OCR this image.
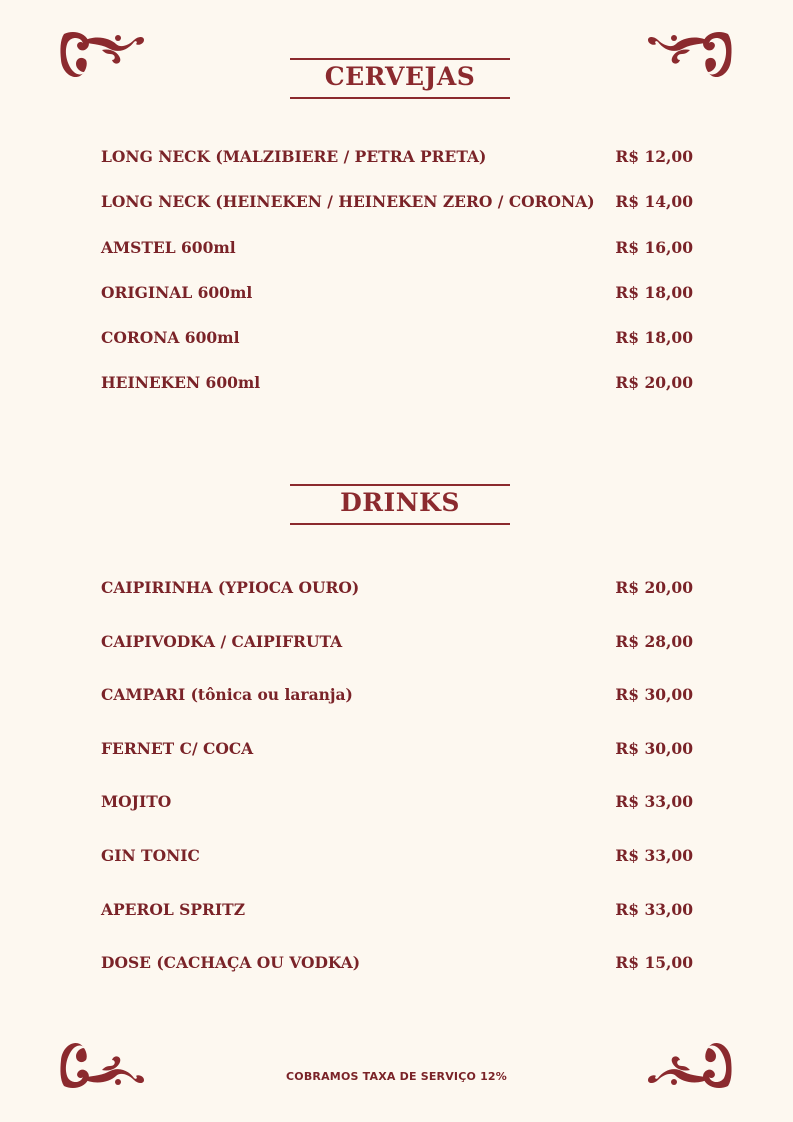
CERVEJAS
LONG NECK (MALZIBIERE / PETRA PRETA)	R$ 12,00
LONG NECK (HEINEKEN / HEINEKEN ZERO / CORONA) R$ 14,00
AMSTEL 600ml	R$ 16,00
ORIGINAL 600ml	R$ 18,00
CORONA 600ml	R$ 18,00
HEINEKEN 600ml	R$ 20,00
DRINKS
CAIPIRINHA (YPIOCA OURO)	R$ 20,00
CAIPIVODKA / CAIPIFRUTA	R$ 28,00
CAMPARI (tônica ou laranja)	R$ 30,00
FERNET C/ COCA	R$ 30,00
MOJITO	R$ 33,00
GIN TONIC	R$ 33,00
APEROL SPRITZ	R$ 33,00
DOSE (CACHAÇA OU VODKA)	R$ 15,00
COBRAMOS TAXA DE SERVIÇO 12%
